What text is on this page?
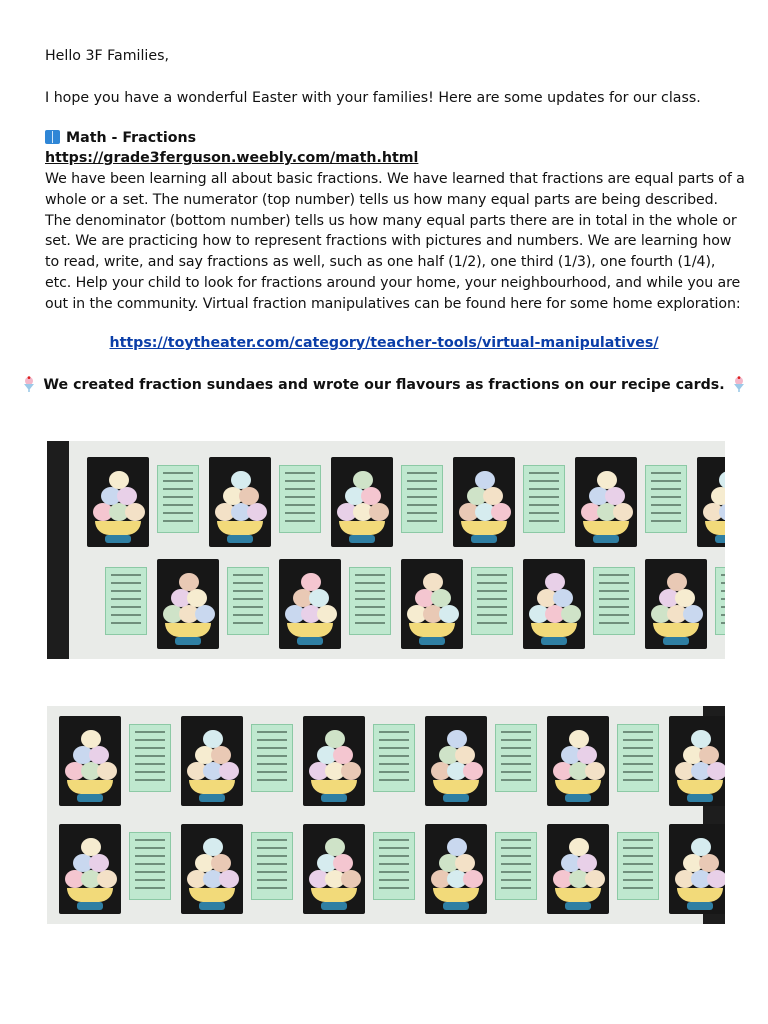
Hello 3F Families,
I hope you have a wonderful Easter with your families! Here are some updates for our class.
Math - Fractions
https://grade3ferguson.weebly.com/math.html
We have been learning all about basic fractions. We have learned that fractions are equal parts of a
whole or a set. The numerator (top number) tells us how many equal parts are being described.
The denominator (bottom number) tells us how many equal parts there are in total in the whole or
set. We are practicing how to represent fractions with pictures and numbers. We are learning how
to read, write, and say fractions as well, such as one half (1/2), one third (1/3), one fourth (1/4),
etc. Help your child to look for fractions around your home, your neighbourhood, and while you are
out in the community. Virtual fraction manipulatives can be found here for some home exploration:
https://toytheater.com/category/teacher-tools/virtual-manipulatives/
We created fraction sundaes and wrote our flavours as fractions on our recipe cards.
